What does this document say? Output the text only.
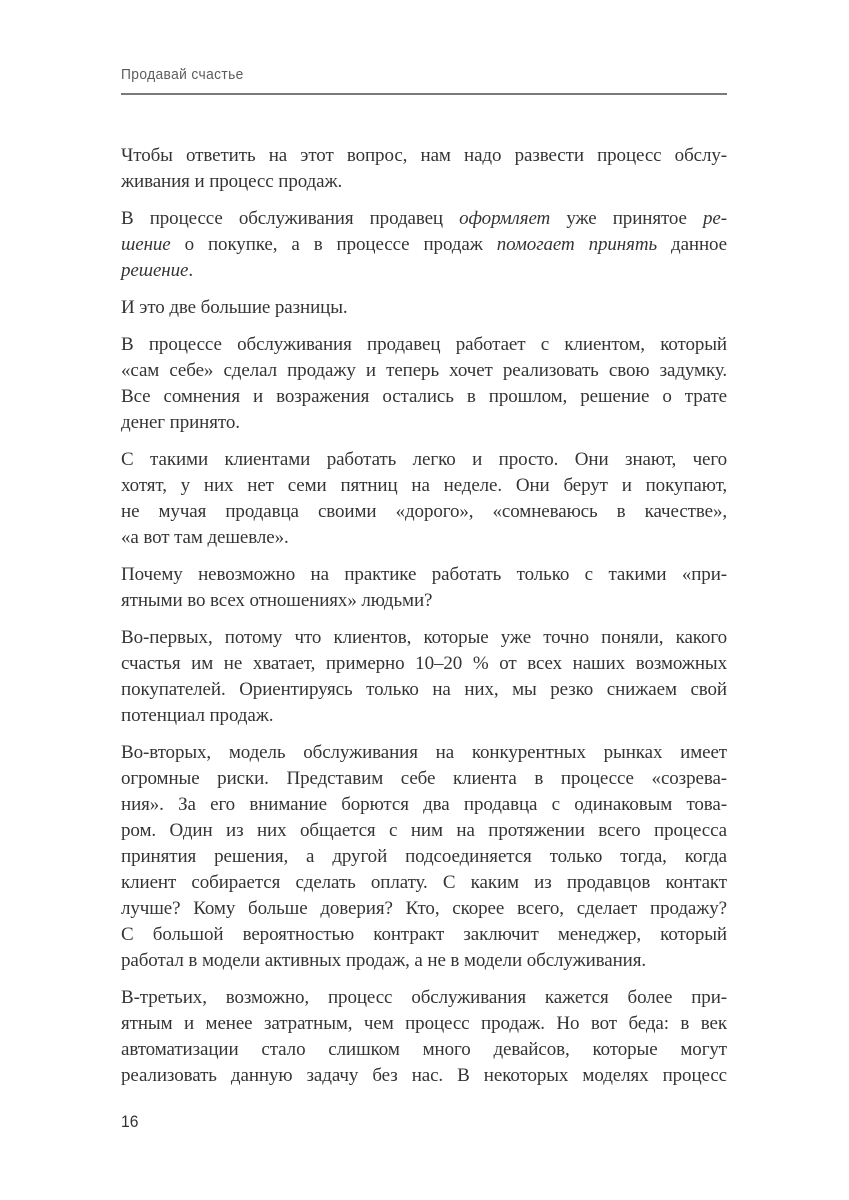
Продавай счастье
Чтобы ответить на этот вопрос, нам надо развести процесс обслу-
живания и процесс продаж.
В процессе обслуживания продавец оформляет уже принятое ре-
шение о покупке, а в процессе продаж помогает принять данное
решение.
И это две большие разницы.
В процессе обслуживания продавец работает с клиентом, который
«сам себе» сделал продажу и теперь хочет реализовать свою задумку.
Все сомнения и возражения остались в прошлом, решение о трате
денег принято.
С такими клиентами работать легко и просто. Они знают, чего
хотят, у них нет семи пятниц на неделе. Они берут и покупают,
не мучая продавца своими «дорого», «сомневаюсь в качестве»,
«а вот там дешевле».
Почему невозможно на практике работать только с такими «при-
ятными во всех отношениях» людьми?
Во-первых, потому что клиентов, которые уже точно поняли, какого
счастья им не хватает, примерно 10–20 % от всех наших возможных
покупателей. Ориентируясь только на них, мы резко снижаем свой
потенциал продаж.
Во-вторых, модель обслуживания на конкурентных рынках имеет
огромные риски. Представим себе клиента в процессе «созрева-
ния». За его внимание борются два продавца с одинаковым това-
ром. Один из них общается с ним на протяжении всего процесса
принятия решения, а другой подсоединяется только тогда, когда
клиент собирается сделать оплату. С каким из продавцов контакт
лучше? Кому больше доверия? Кто, скорее всего, сделает продажу?
С большой вероятностью контракт заключит менеджер, который
работал в модели активных продаж, а не в модели обслуживания.
В-третьих, возможно, процесс обслуживания кажется более при-
ятным и менее затратным, чем процесс продаж. Но вот беда: в век
автоматизации стало слишком много девайсов, которые могут
реализовать данную задачу без нас. В некоторых моделях процесс
16
